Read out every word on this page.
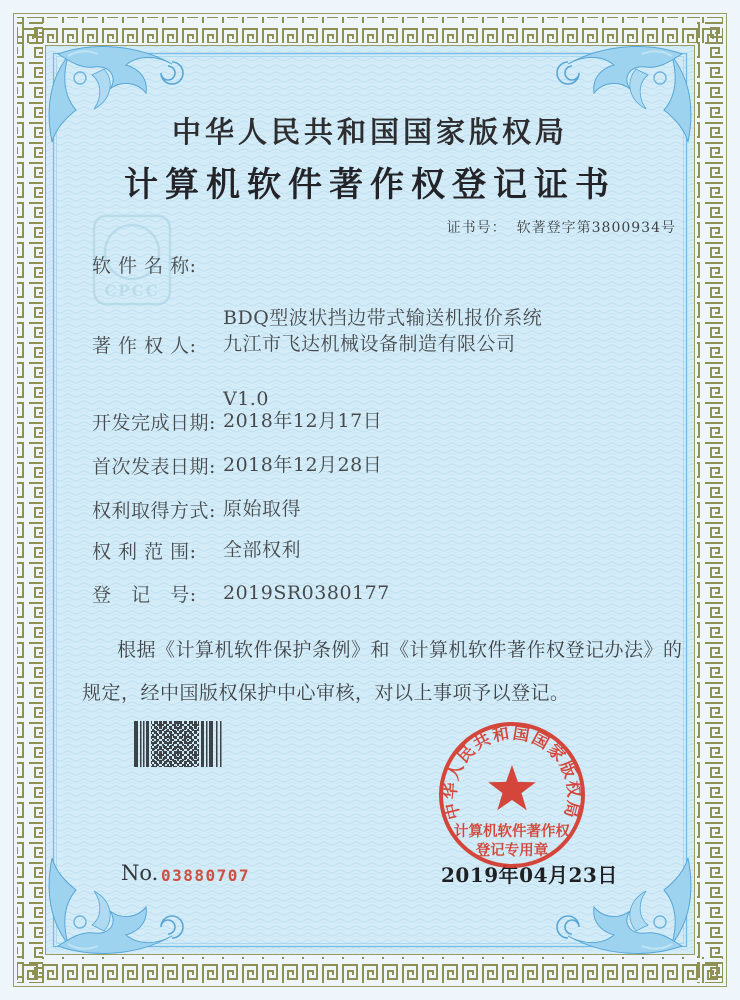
CPCC
中华人民共和国国家版权局
计算机软件著作权登记证书
证书号： 软著登字第3800934号
软 件 名 称:

BDQ型波状挡边带式输送机报价系统

V1.0

著 作 权 人:	九江市飞达机械设备制造有限公司
开发完成日期: 2018年12月17日
首次发表日期: 2018年12月28日
权利取得方式: 原始取得
权 利 范 围:	全部权利
登   记   号:	2019SR0380177
根据《计算机软件保护条例》和《计算机软件著作权登记办法》的
规定，经中国版权保护中心审核，对以上事项予以登记。
No. 03880707	2019年04月23日
中华人民共和国国家版权局
计算机软件著作权
登记专用章
